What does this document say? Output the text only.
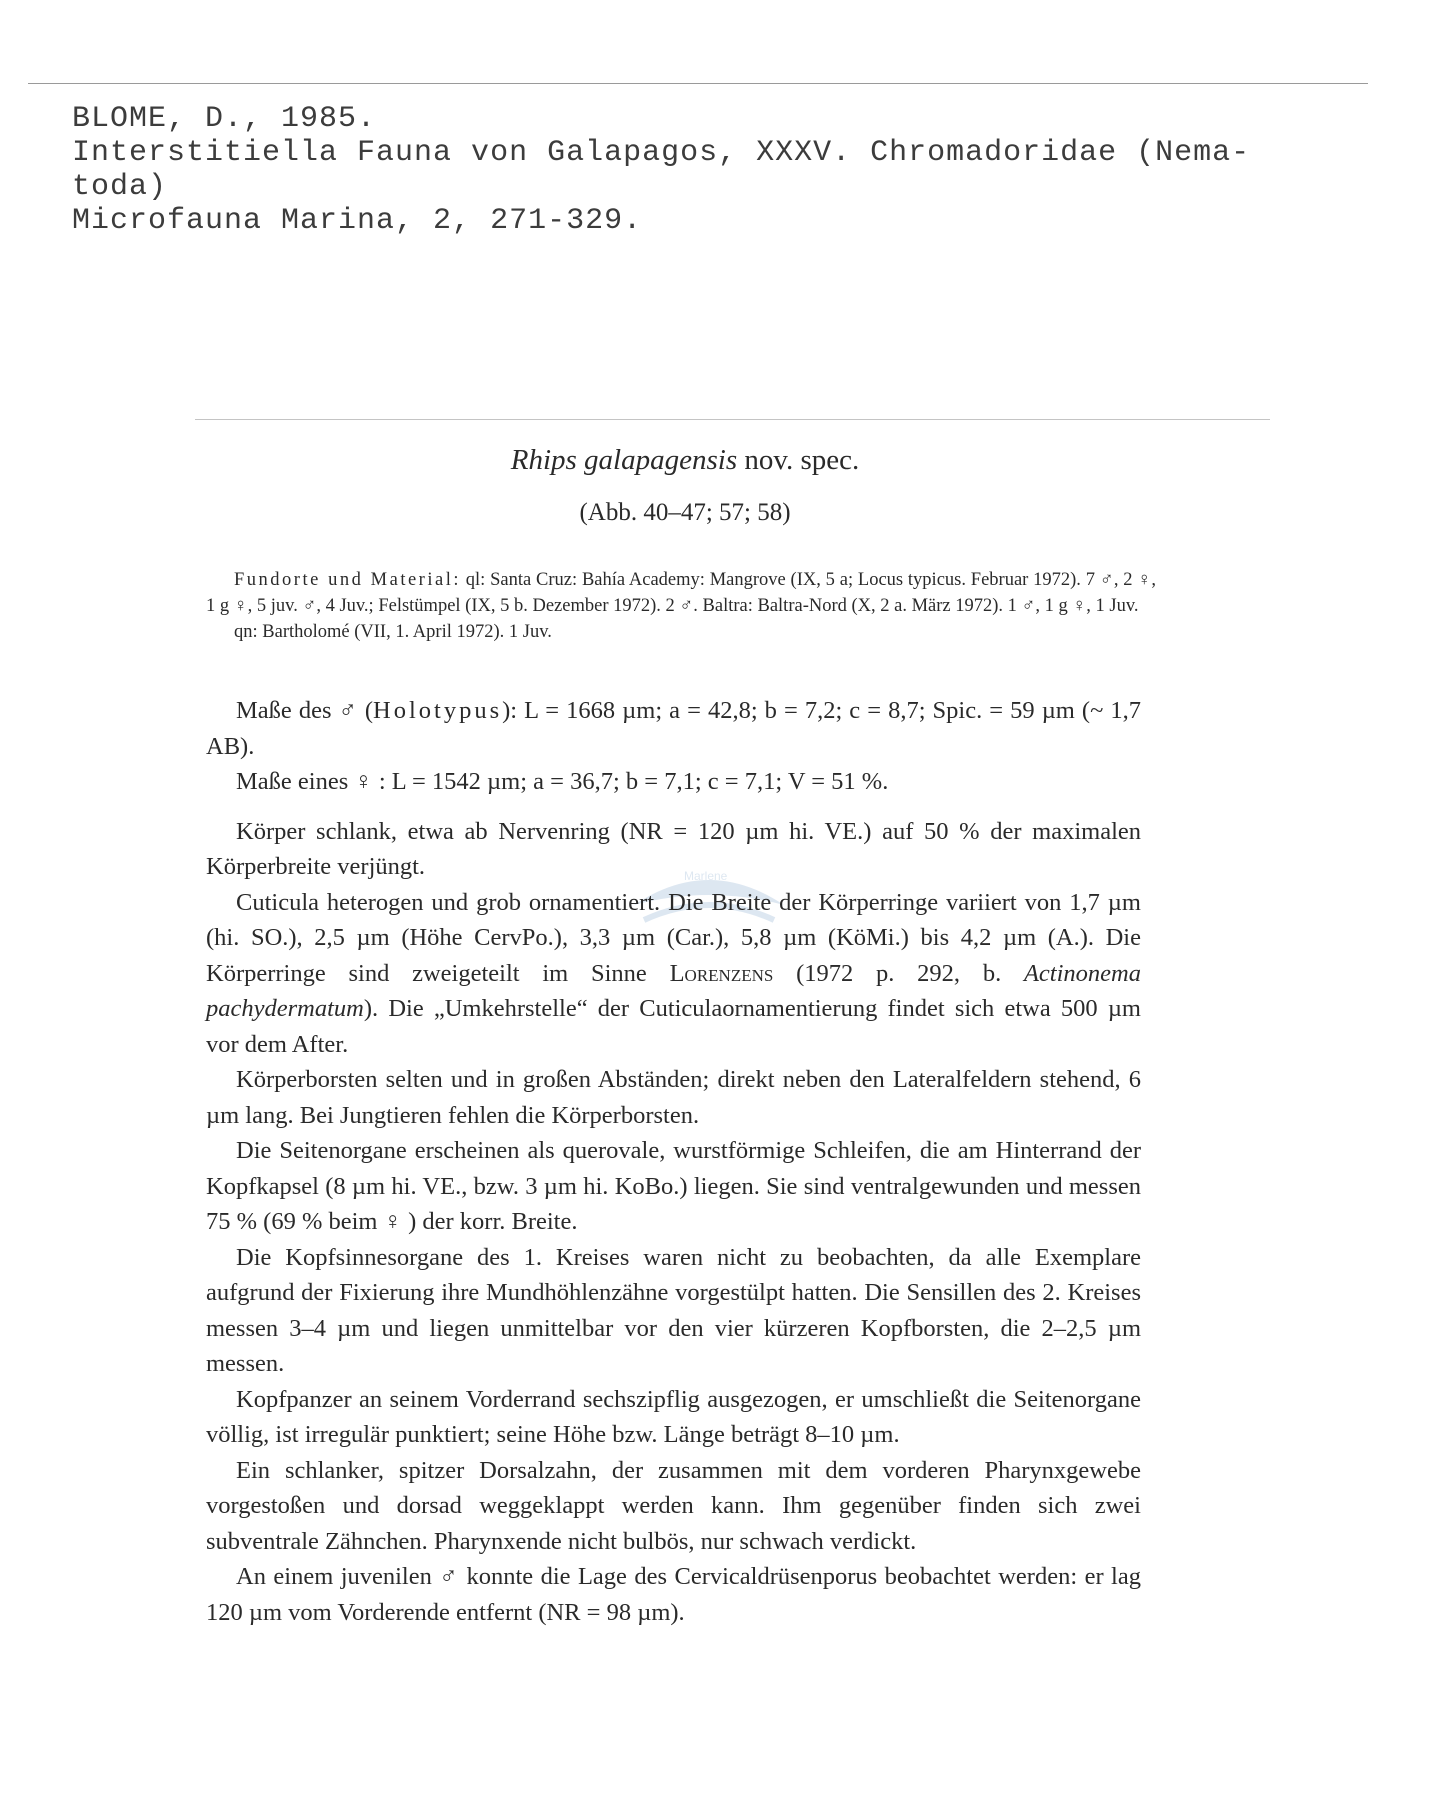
BLOME, D., 1985.
Interstitiella Fauna von Galapagos, XXXV. Chromadoridae (Nema-
toda)
Microfauna Marina, 2, 271-329.
Rhips galapagensis nov. spec.
(Abb. 40–47; 57; 58)

Fundorte und Material: ql: Santa Cruz: Bahía Academy: Mangrove (IX, 5 a; Locus typicus. Februar 1972). 7 ♂, 2 ♀, 1 g ♀, 5 juv. ♂, 4 Juv.; Felstümpel (IX, 5 b. Dezember 1972). 2 ♂. Baltra: Baltra-Nord (X, 2 a. März 1972). 1 ♂, 1 g ♀, 1 Juv.

qn: Bartholomé (VII, 1. April 1972). 1 Juv.

Marlene

Maße des ♂ (Holotypus): L = 1668 µm; a = 42,8; b = 7,2; c = 8,7; Spic. = 59 µm (~ 1,7 AB).

Maße eines ♀ : L = 1542 µm; a = 36,7; b = 7,1; c = 7,1; V = 51 %.

Körper schlank, etwa ab Nervenring (NR = 120 µm hi. VE.) auf 50 % der maximalen Körperbreite verjüngt.

Cuticula heterogen und grob ornamentiert. Die Breite der Körperringe variiert von 1,7 µm (hi. SO.), 2,5 µm (Höhe CervPo.), 3,3 µm (Car.), 5,8 µm (KöMi.) bis 4,2 µm (A.). Die Körperringe sind zweigeteilt im Sinne Lorenzens (1972 p. 292, b. Actinonema pachydermatum). Die „Umkehrstelle“ der Cuticulaornamentierung findet sich etwa 500 µm vor dem After.

Körperborsten selten und in großen Abständen; direkt neben den Lateralfeldern stehend, 6 µm lang. Bei Jungtieren fehlen die Körperborsten.

Die Seitenorgane erscheinen als querovale, wurstförmige Schleifen, die am Hinterrand der Kopfkapsel (8 µm hi. VE., bzw. 3 µm hi. KoBo.) liegen. Sie sind ventralgewunden und messen 75 % (69 % beim ♀ ) der korr. Breite.

Die Kopfsinnesorgane des 1. Kreises waren nicht zu beobachten, da alle Exemplare aufgrund der Fixierung ihre Mundhöhlenzähne vorgestülpt hatten. Die Sensillen des 2. Kreises messen 3–4 µm und liegen unmittelbar vor den vier kürzeren Kopfborsten, die 2–2,5 µm messen.

Kopfpanzer an seinem Vorderrand sechszipflig ausgezogen, er umschließt die Seitenorgane völlig, ist irregulär punktiert; seine Höhe bzw. Länge beträgt 8–10 µm.

Ein schlanker, spitzer Dorsalzahn, der zusammen mit dem vorderen Pharynxgewebe vorgestoßen und dorsad weggeklappt werden kann. Ihm gegenüber finden sich zwei subventrale Zähnchen. Pharynxende nicht bulbös, nur schwach verdickt.

An einem juvenilen ♂ konnte die Lage des Cervicaldrüsenporus beobachtet werden: er lag 120 µm vom Vorderende entfernt (NR = 98 µm).
